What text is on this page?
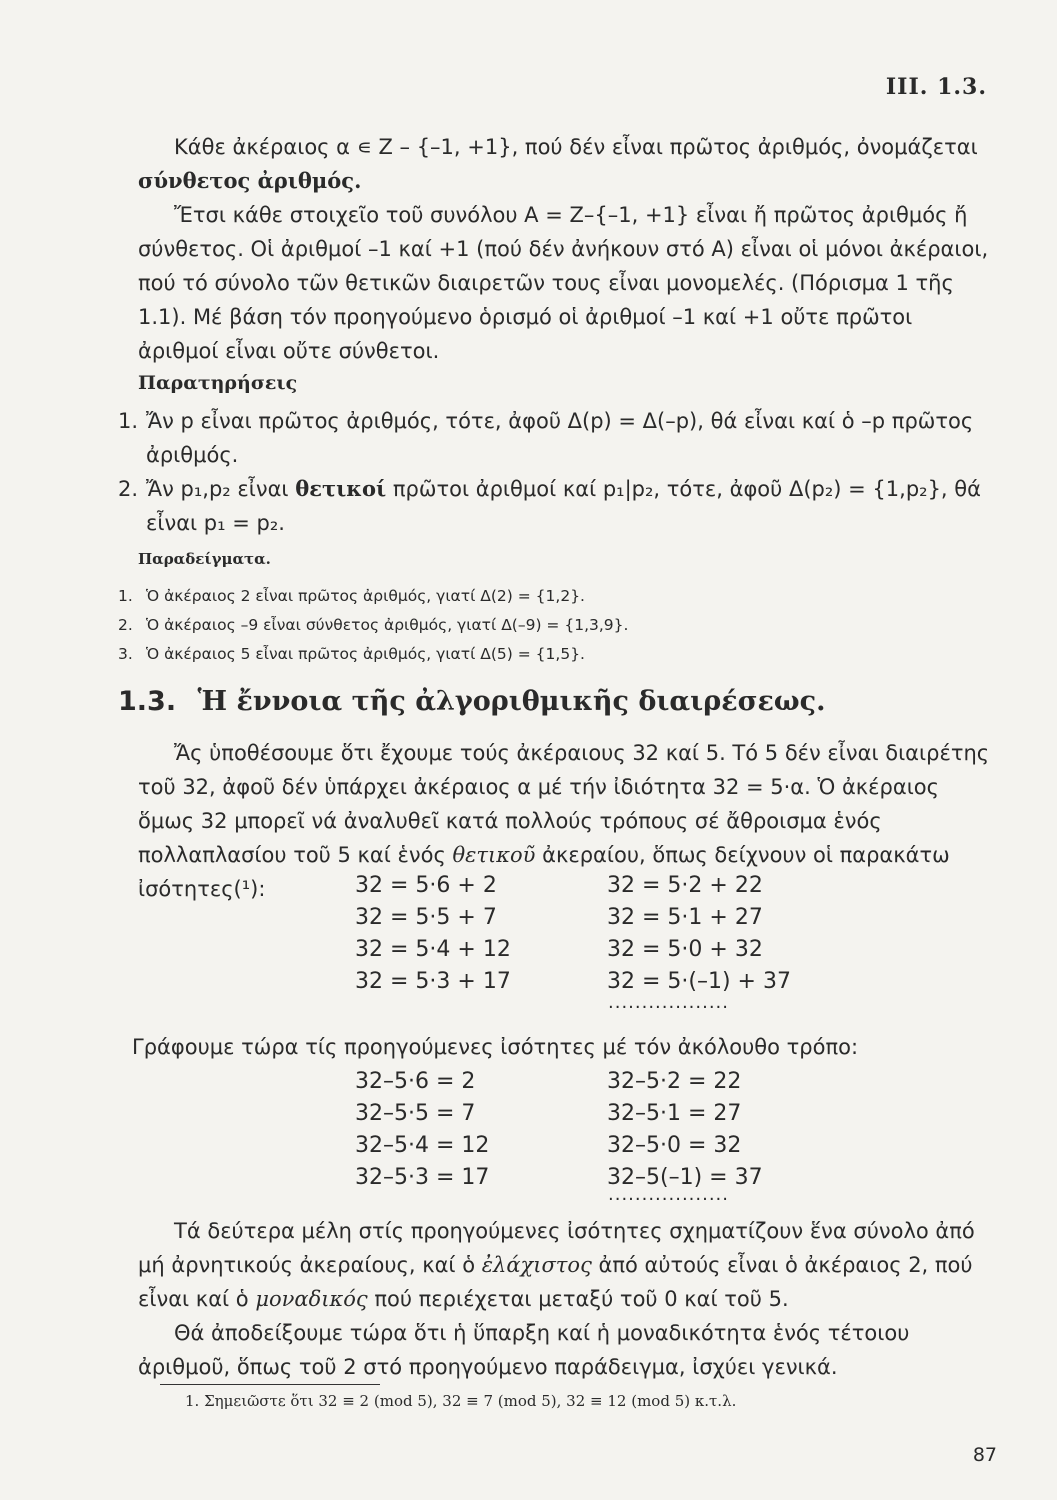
III. 1.3.

Κάθε ἀκέραιος α ∊ Z – {–1, +1}, πού δέν εἶναι πρῶτος ἀριθμός, ὀνομάζεται σύνθετος ἀριθμός.

Ἔτσι κάθε στοιχεῖο τοῦ συνόλου A = Z–{–1, +1} εἶναι ἤ πρῶτος ἀριθμός ἤ σύνθετος. Οἱ ἀριθμοί –1 καί +1 (πού δέν ἀνήκουν στό A) εἶναι οἱ μόνοι ἀκέραιοι, πού τό σύνολο τῶν θετικῶν διαιρετῶν τους εἶναι μονομελές. (Πόρισμα 1 τῆς 1.1). Μέ βάση τόν προηγούμενο ὁρισμό οἱ ἀριθμοί –1 καί +1 οὔτε πρῶτοι ἀριθμοί εἶναι οὔτε σύνθετοι.

Παρατηρήσεις
1. Ἄν p εἶναι πρῶτος ἀριθμός, τότε, ἀφοῦ Δ(p) = Δ(–p), θά εἶναι καί ὁ –p πρῶτος ἀριθμός.
2. Ἄν p₁,p₂ εἶναι θετικοί πρῶτοι ἀριθμοί καί p₁|p₂, τότε, ἀφοῦ Δ(p₂) = {1,p₂}, θά εἶναι p₁ = p₂.
Παραδείγματα.
1. Ὁ ἀκέραιος 2 εἶναι πρῶτος ἀριθμός, γιατί Δ(2) = {1,2}.
2. Ὁ ἀκέραιος –9 εἶναι σύνθετος ἀριθμός, γιατί Δ(–9) = {1,3,9}.
3. Ὁ ἀκέραιος 5 εἶναι πρῶτος ἀριθμός, γιατί Δ(5) = {1,5}.
1.3. Ἡ ἔννοια τῆς ἀλγοριθμικῆς διαιρέσεως.

Ἄς ὑποθέσουμε ὅτι ἔχουμε τούς ἀκέραιους 32 καί 5. Τό 5 δέν εἶναι διαιρέτης τοῦ 32, ἀφοῦ δέν ὑπάρχει ἀκέραιος α μέ τήν ἰδιότητα 32 = 5·α. Ὁ ἀκέραιος ὅμως 32 μπορεῖ νά ἀναλυθεῖ κατά πολλούς τρόπους σέ ἄθροισμα ἑνός πολλαπλασίου τοῦ 5 καί ἑνός θετικοῦ ἀκεραίου, ὅπως δείχνουν οἱ παρακάτω ἰσότητες(¹):	32 = 5·6 + 2	32 = 5·2 + 22
32 = 5·5 + 7	32 = 5·1 + 27
32 = 5·4 + 12	32 = 5·0 + 32
32 = 5·3 + 17	32 = 5·(–1) + 37
..................

Γράφουμε τώρα τίς προηγούμενες ἰσότητες μέ τόν ἀκόλουθο τρόπο:

32–5·6 = 2	32–5·2 = 22
32–5·5 = 7	32–5·1 = 27
32–5·4 = 12	32–5·0 = 32
32–5·3 = 17	32–5(–1) = 37
..................

Τά δεύτερα μέλη στίς προηγούμενες ἰσότητες σχηματίζουν ἕνα σύνολο ἀπό μή ἀρνητικούς ἀκεραίους, καί ὁ ἐλάχιστος ἀπό αὐτούς εἶναι ὁ ἀκέραιος 2, πού εἶναι καί ὁ μοναδικός πού περιέχεται μεταξύ τοῦ 0 καί τοῦ 5.

Θά ἀποδείξουμε τώρα ὅτι ἡ ὕπαρξη καί ἡ μοναδικότητα ἑνός τέτοιου ἀριθμοῦ, ὅπως τοῦ 2 στό προηγούμενο παράδειγμα, ἰσχύει γενικά.

1. Σημειῶστε ὅτι 32 ≡ 2 (mod 5), 32 ≡ 7 (mod 5), 32 ≡ 12 (mod 5) κ.τ.λ.
87
